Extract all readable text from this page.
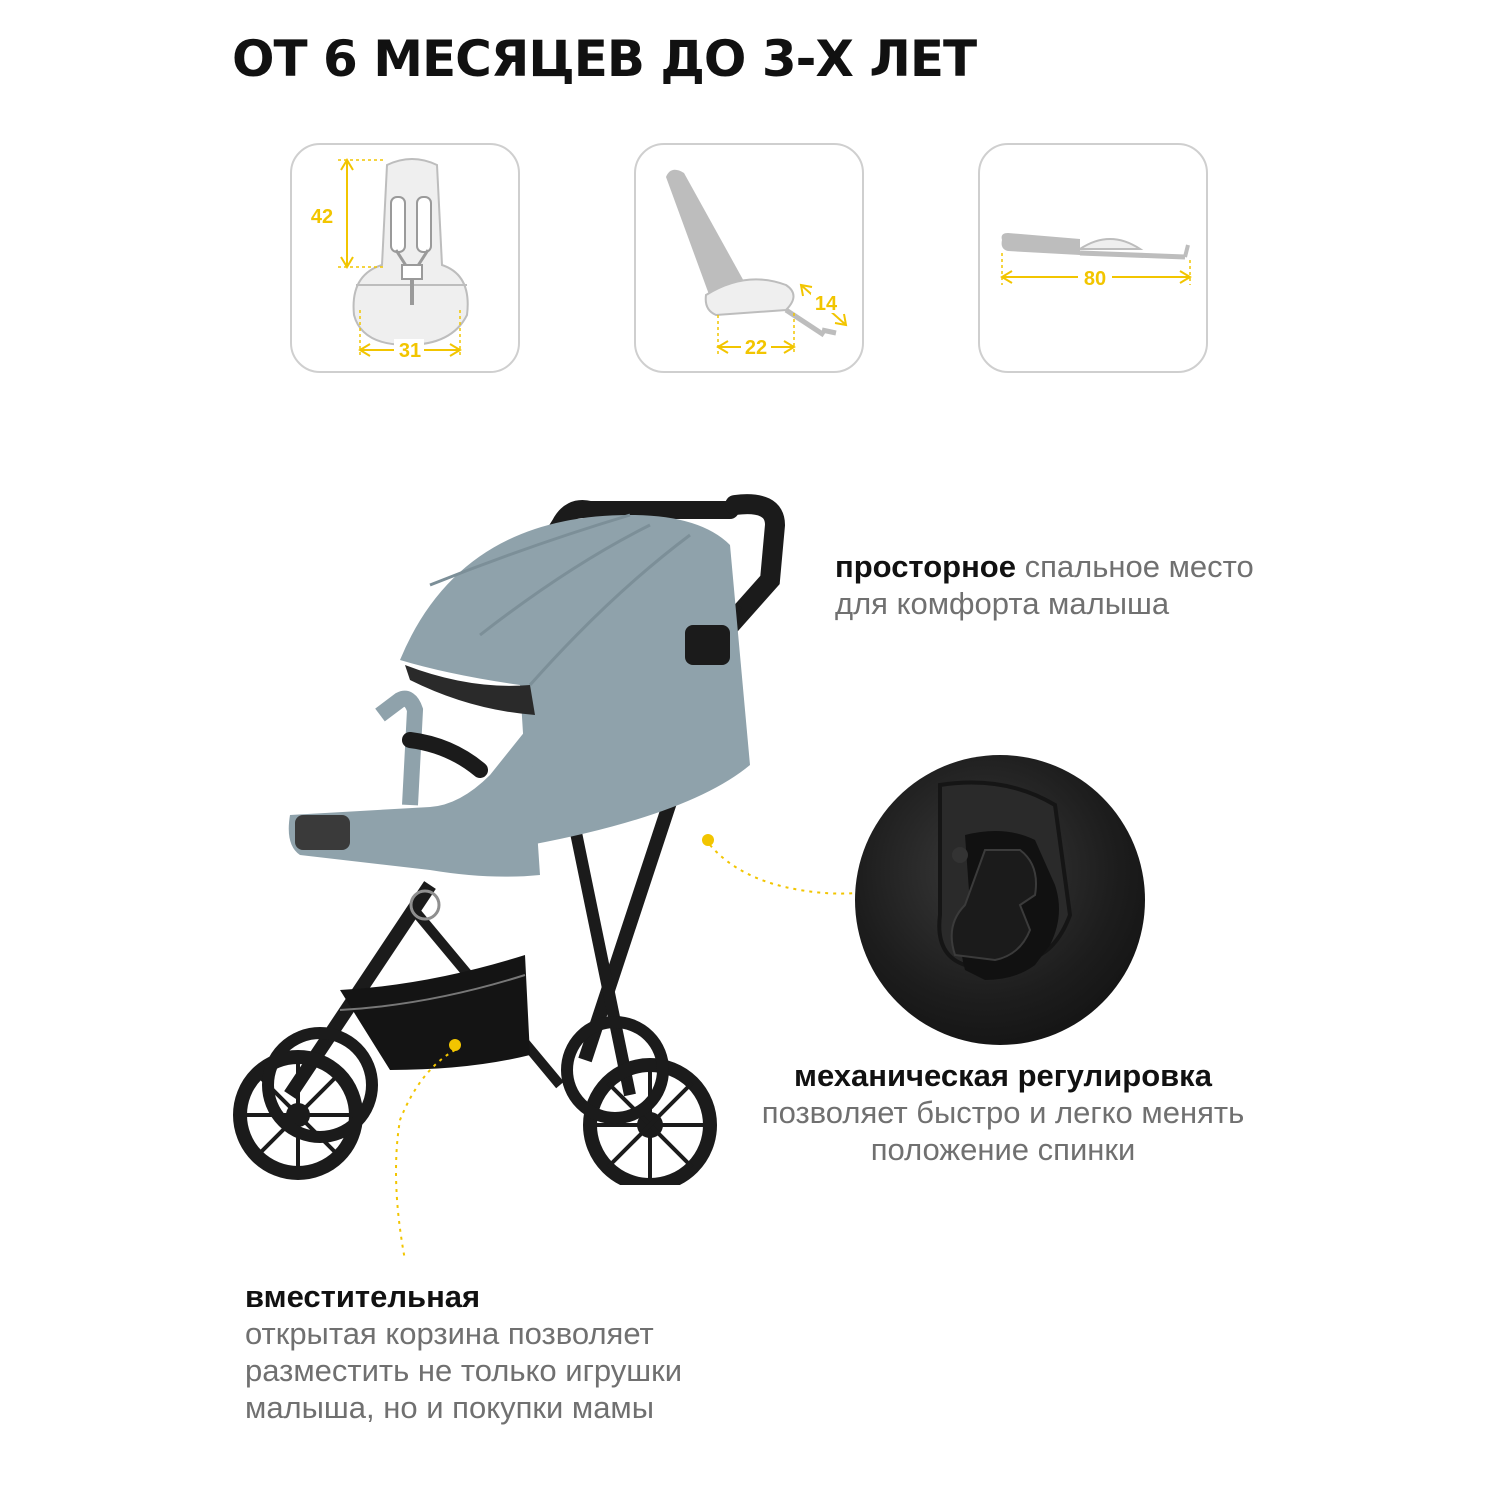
ОТ 6 МЕСЯЦЕВ ДО 3-Х ЛЕТ
42
31	22
14
80
просторное спальное место для комфорта малыша
механическая регулировка
позволяет быстро и легко менять положение спинки
вместительная
открытая корзина позволяет разместить не только игрушки малыша, но и покупки мамы
